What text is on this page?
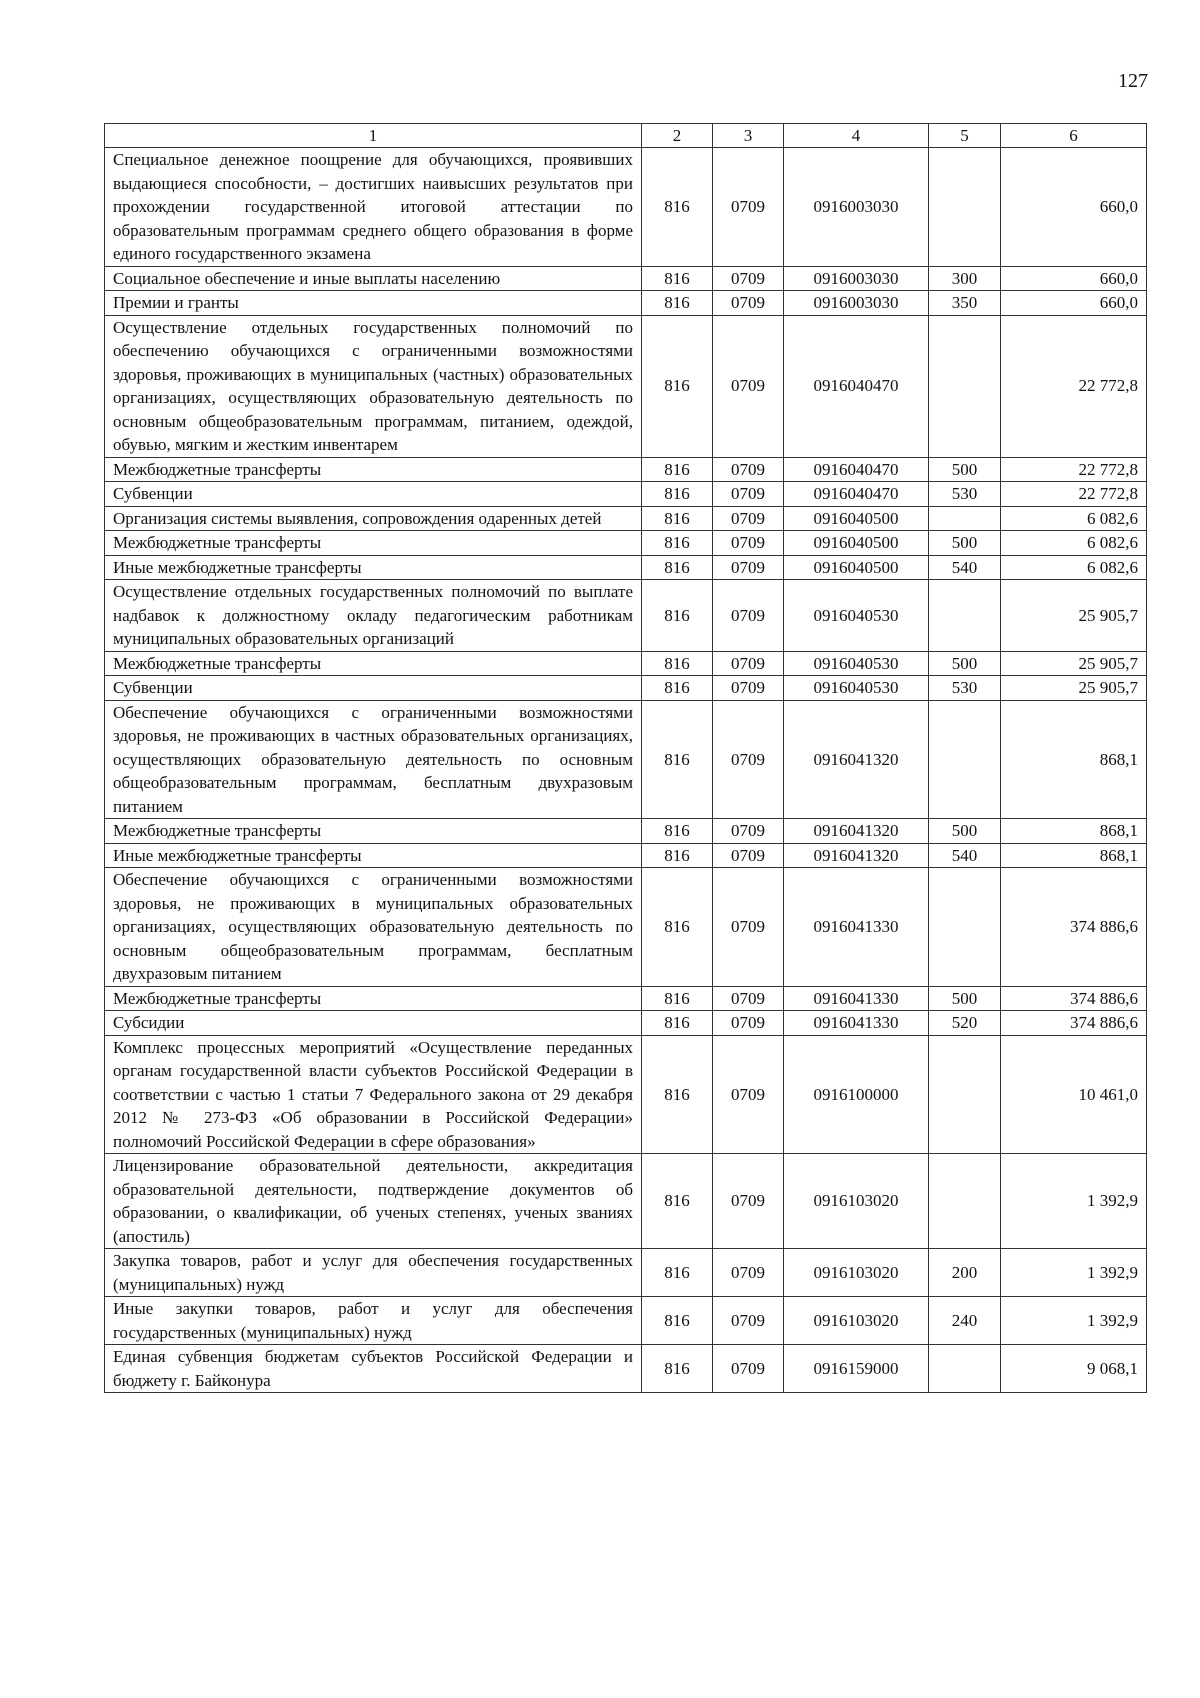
127
1	2	3	4	5	6
Специальное денежное поощрение для обучающихся, проявивших выдающиеся способности, – достигших наивысших результатов при прохождении государственной итоговой аттестации по образовательным программам среднего общего образования в форме единого государственного экзамена	816	0709	0916003030		660,0
Социальное обеспечение и иные выплаты населению	816	0709	0916003030	300	660,0
Премии и гранты	816	0709	0916003030	350	660,0
Осуществление отдельных государственных полномочий по обеспечению обучающихся с ограниченными возможностями здоровья, проживающих в муниципальных (частных) образовательных организациях, осуществляющих образовательную деятельность по основным общеобразовательным программам, питанием, одеждой, обувью, мягким и жестким инвентарем	816	0709	0916040470		22 772,8
Межбюджетные трансферты	816	0709	0916040470	500	22 772,8
Субвенции	816	0709	0916040470	530	22 772,8
Организация системы выявления, сопровождения одаренных детей	816	0709	0916040500		6 082,6
Межбюджетные трансферты	816	0709	0916040500	500	6 082,6
Иные межбюджетные трансферты	816	0709	0916040500	540	6 082,6
Осуществление отдельных государственных полномочий по выплате надбавок к должностному окладу педагогическим работникам муниципальных образовательных организаций	816	0709	0916040530		25 905,7
Межбюджетные трансферты	816	0709	0916040530	500	25 905,7
Субвенции	816	0709	0916040530	530	25 905,7
Обеспечение обучающихся с ограниченными возможностями здоровья, не проживающих в частных образовательных организациях, осуществляющих образовательную деятельность по основным общеобразовательным программам, бесплатным двухразовым питанием	816	0709	0916041320		868,1
Межбюджетные трансферты	816	0709	0916041320	500	868,1
Иные межбюджетные трансферты	816	0709	0916041320	540	868,1
Обеспечение обучающихся с ограниченными возможностями здоровья, не проживающих в муниципальных образовательных организациях, осуществляющих образовательную деятельность по основным общеобразовательным программам, бесплатным двухразовым питанием	816	0709	0916041330		374 886,6
Межбюджетные трансферты	816	0709	0916041330	500	374 886,6
Субсидии	816	0709	0916041330	520	374 886,6
Комплекс процессных мероприятий «Осуществление переданных органам государственной власти субъектов Российской Федерации в соответствии с частью 1 статьи 7 Федерального закона от 29 декабря 2012 № 273-ФЗ «Об образовании в Российской Федерации» полномочий Российской Федерации в сфере образования»	816	0709	0916100000		10 461,0
Лицензирование образовательной деятельности, аккредитация образовательной деятельности, подтверждение документов об образовании, о квалификации, об ученых степенях, ученых званиях (апостиль)	816	0709	0916103020		1 392,9
Закупка товаров, работ и услуг для обеспечения государственных (муниципальных) нужд	816	0709	0916103020	200	1 392,9
Иные закупки товаров, работ и услуг для обеспечения государственных (муниципальных) нужд	816	0709	0916103020	240	1 392,9
Единая субвенция бюджетам субъектов Российской Федерации и бюджету г. Байконура	816	0709	0916159000		9 068,1
